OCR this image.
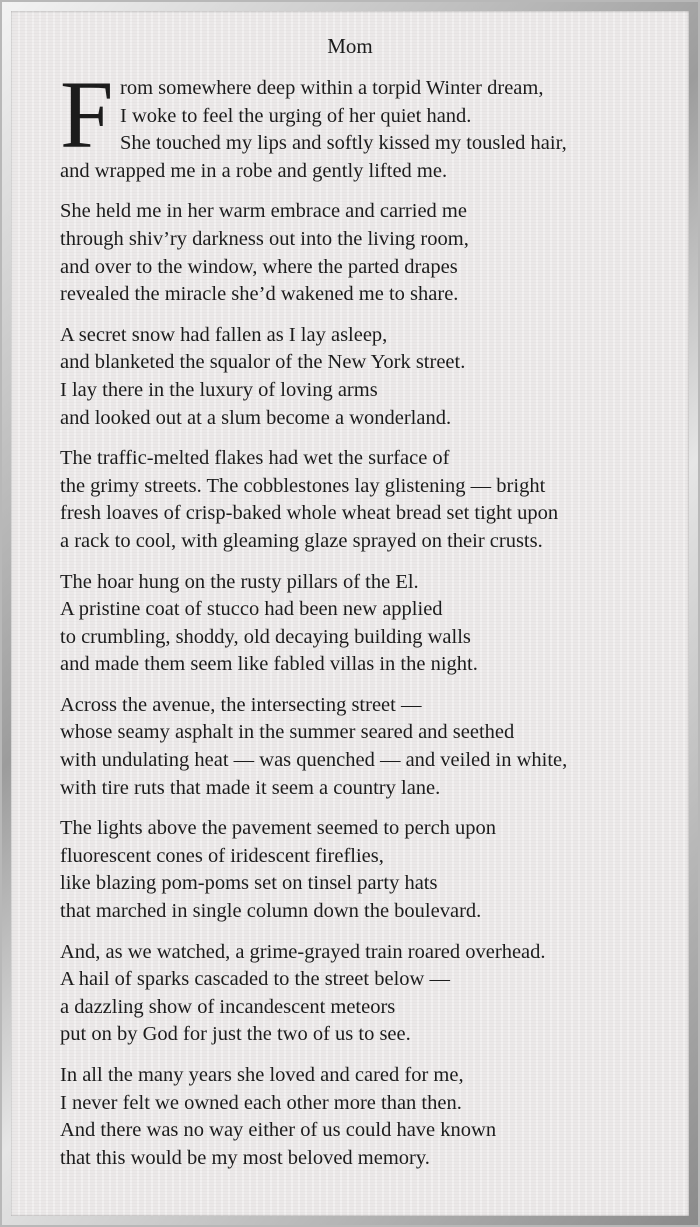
Mom
F rom somewhere deep within a torpid Winter dream,
I woke to feel the urging of her quiet hand.
She touched my lips and softly kissed my tousled hair,
and wrapped me in a robe and gently lifted me.
She held me in her warm embrace and carried me
through shiv’ry darkness out into the living room,
and over to the window, where the parted drapes
revealed the miracle she’d wakened me to share.
A secret snow had fallen as I lay asleep,
and blanketed the squalor of the New York street.
I lay there in the luxury of loving arms
and looked out at a slum become a wonderland.
The traffic-melted flakes had wet the surface of
the grimy streets. The cobblestones lay glistening — bright
fresh loaves of crisp-baked whole wheat bread set tight upon
a rack to cool, with gleaming glaze sprayed on their crusts.
The hoar hung on the rusty pillars of the El.
A pristine coat of stucco had been new applied
to crumbling, shoddy, old decaying building walls
and made them seem like fabled villas in the night.
Across the avenue, the intersecting street —
whose seamy asphalt in the summer seared and seethed
with undulating heat — was quenched — and veiled in white,
with tire ruts that made it seem a country lane.
The lights above the pavement seemed to perch upon
fluorescent cones of iridescent fireflies,
like blazing pom-poms set on tinsel party hats
that marched in single column down the boulevard.
And, as we watched, a grime-grayed train roared overhead.
A hail of sparks cascaded to the street below —
a dazzling show of incandescent meteors
put on by God for just the two of us to see.
In all the many years she loved and cared for me,
I never felt we owned each other more than then.
And there was no way either of us could have known
that this would be my most beloved memory.
